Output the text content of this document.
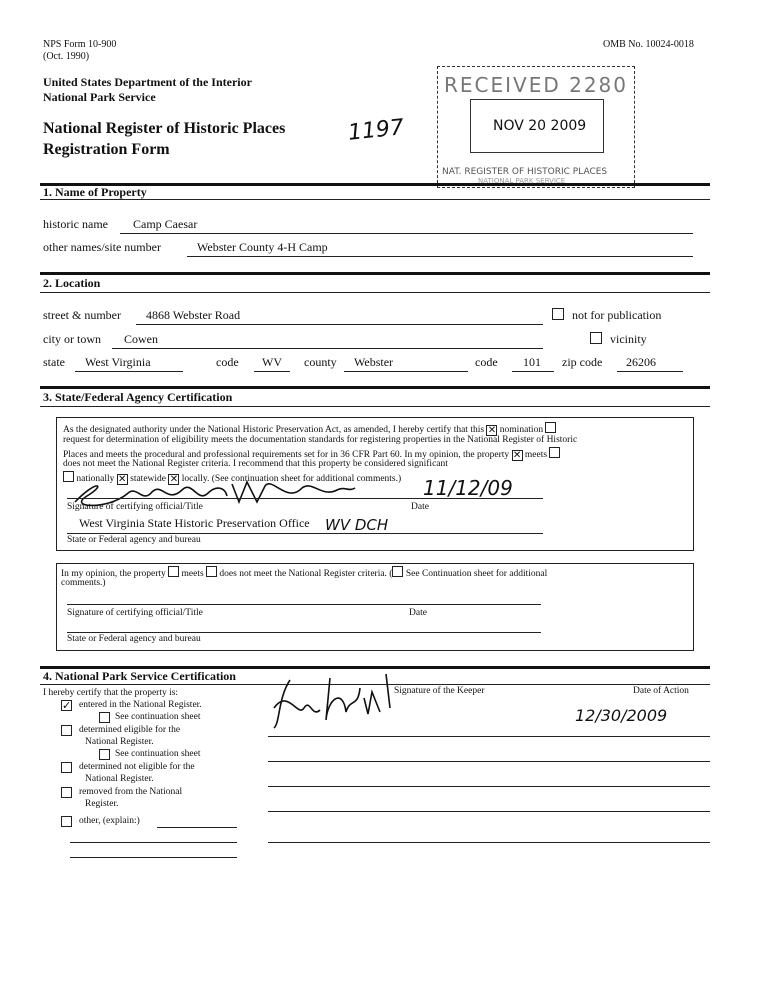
NPS Form 10-900
(Oct. 1990)
OMB No. 10024-0018
United States Department of the Interior
National Park Service
National Register of Historic Places
Registration Form
1197
RECEIVED 2280
NOV 20 2009
NAT. REGISTER OF HISTORIC PLACES
NATIONAL PARK SERVICE
1. Name of Property
historic name Camp Caesar
other names/site number	Webster County 4-H Camp
2. Location
street & number 4868 Webster Road	not for publication
city or town Cowen	vicinity
state West Virginia	code WV county Webster	code 101 zip code 26206
3. State/Federal Agency Certification
As the designated authority under the National Historic Preservation Act, as amended, I hereby certify that this ✕ nomination
request for determination of eligibility meets the documentation standards for registering properties in the National Register of Historic
Places and meets the procedural and professional requirements set for in 36 CFR Part 60. In my opinion, the property ✕ meets
does not meet the National Register criteria. I recommend that this property be considered significant
nationally ✕ statewide ✕ locally. (See continuation sheet for additional comments.)
Signature of certifying official/Title	Date
11/12/09
West Virginia State Historic Preservation Office WV DCH
State or Federal agency and bureau
In my opinion, the property meets does not meet the National Register criteria. ( See Continuation sheet for additional
comments.)
Signature of certifying official/Title	Date
State or Federal agency and bureau
4. National Park Service Certification
I hereby certify that the property is:
✓ entered in the National Register.
See continuation sheet
determined eligible for the
National Register.
See continuation sheet
determined not eligible for the
National Register.
removed from the National
Register.
other, (explain:)
Signature of the Keeper	Date of Action
12/30/2009
